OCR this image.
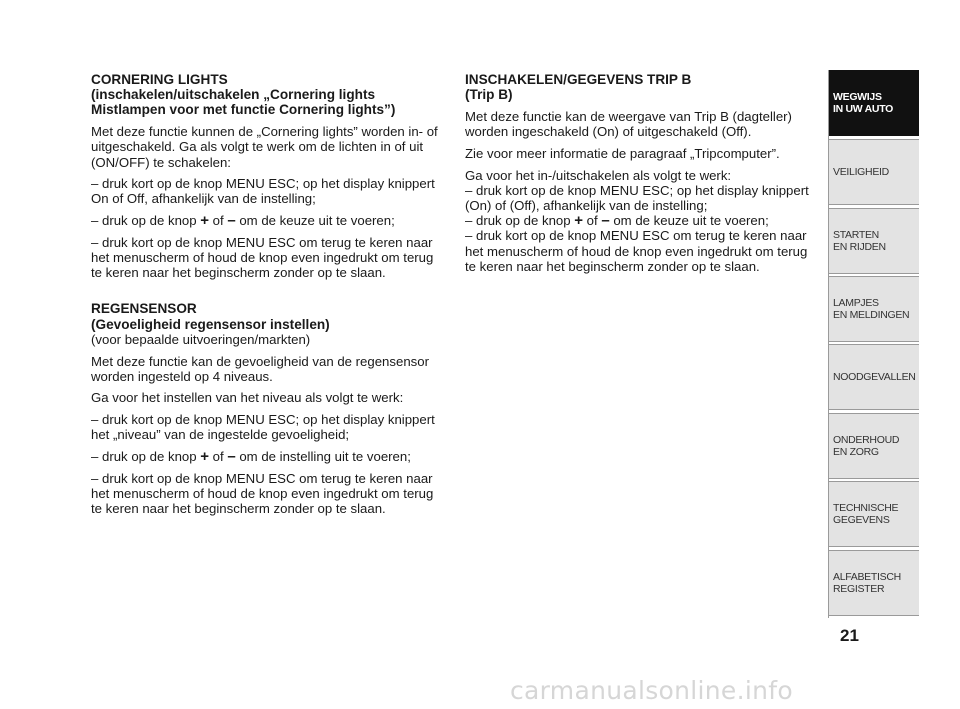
CORNERING LIGHTS
(inschakelen/uitschakelen „Cornering lights Mistlampen voor met functie Cornering lights”)

Met deze functie kunnen de „Cornering lights” worden in- of uitgeschakeld. Ga als volgt te werk om de lichten in of uit (ON/OFF) te schakelen:

– druk kort op de knop MENU ESC; op het display knippert On of Off, afhankelijk van de instelling;

– druk op de knop + of – om de keuze uit te voeren;

– druk kort op de knop MENU ESC om terug te keren naar het menuscherm of houd de knop even ingedrukt om terug te keren naar het beginscherm zonder op te slaan.

REGENSENSOR
(Gevoeligheid regensensor instellen)

(voor bepaalde uitvoeringen/markten)

Met deze functie kan de gevoeligheid van de regensensor worden ingesteld op 4 niveaus.

Ga voor het instellen van het niveau als volgt te werk:

– druk kort op de knop MENU ESC; op het display knippert het „niveau” van de ingestelde gevoeligheid;

– druk op de knop + of – om de instelling uit te voeren;

– druk kort op de knop MENU ESC om terug te keren naar het menuscherm of houd de knop even ingedrukt om terug te keren naar het beginscherm zonder op te slaan.

INSCHAKELEN/GEGEVENS TRIP B
(Trip B)

Met deze functie kan de weergave van Trip B (dagteller) worden ingeschakeld (On) of uitgeschakeld (Off).

Zie voor meer informatie de paragraaf „Tripcomputer”.

Ga voor het in-/uitschakelen als volgt te werk:

– druk kort op de knop MENU ESC; op het display knippert (On) of (Off), afhankelijk van de instelling;

– druk op de knop + of – om de keuze uit te voeren;

– druk kort op de knop MENU ESC om terug te keren naar het menuscherm of houd de knop even ingedrukt om terug te keren naar het beginscherm zonder op te slaan.

WEGWIJS
IN UW AUTO
VEILIGHEID
STARTEN
EN RIJDEN
LAMPJES
EN MELDINGEN
NOODGEVALLEN
ONDERHOUD
EN ZORG
TECHNISCHE
GEGEVENS
ALFABETISCH
REGISTER
21
carmanualsonline.info
